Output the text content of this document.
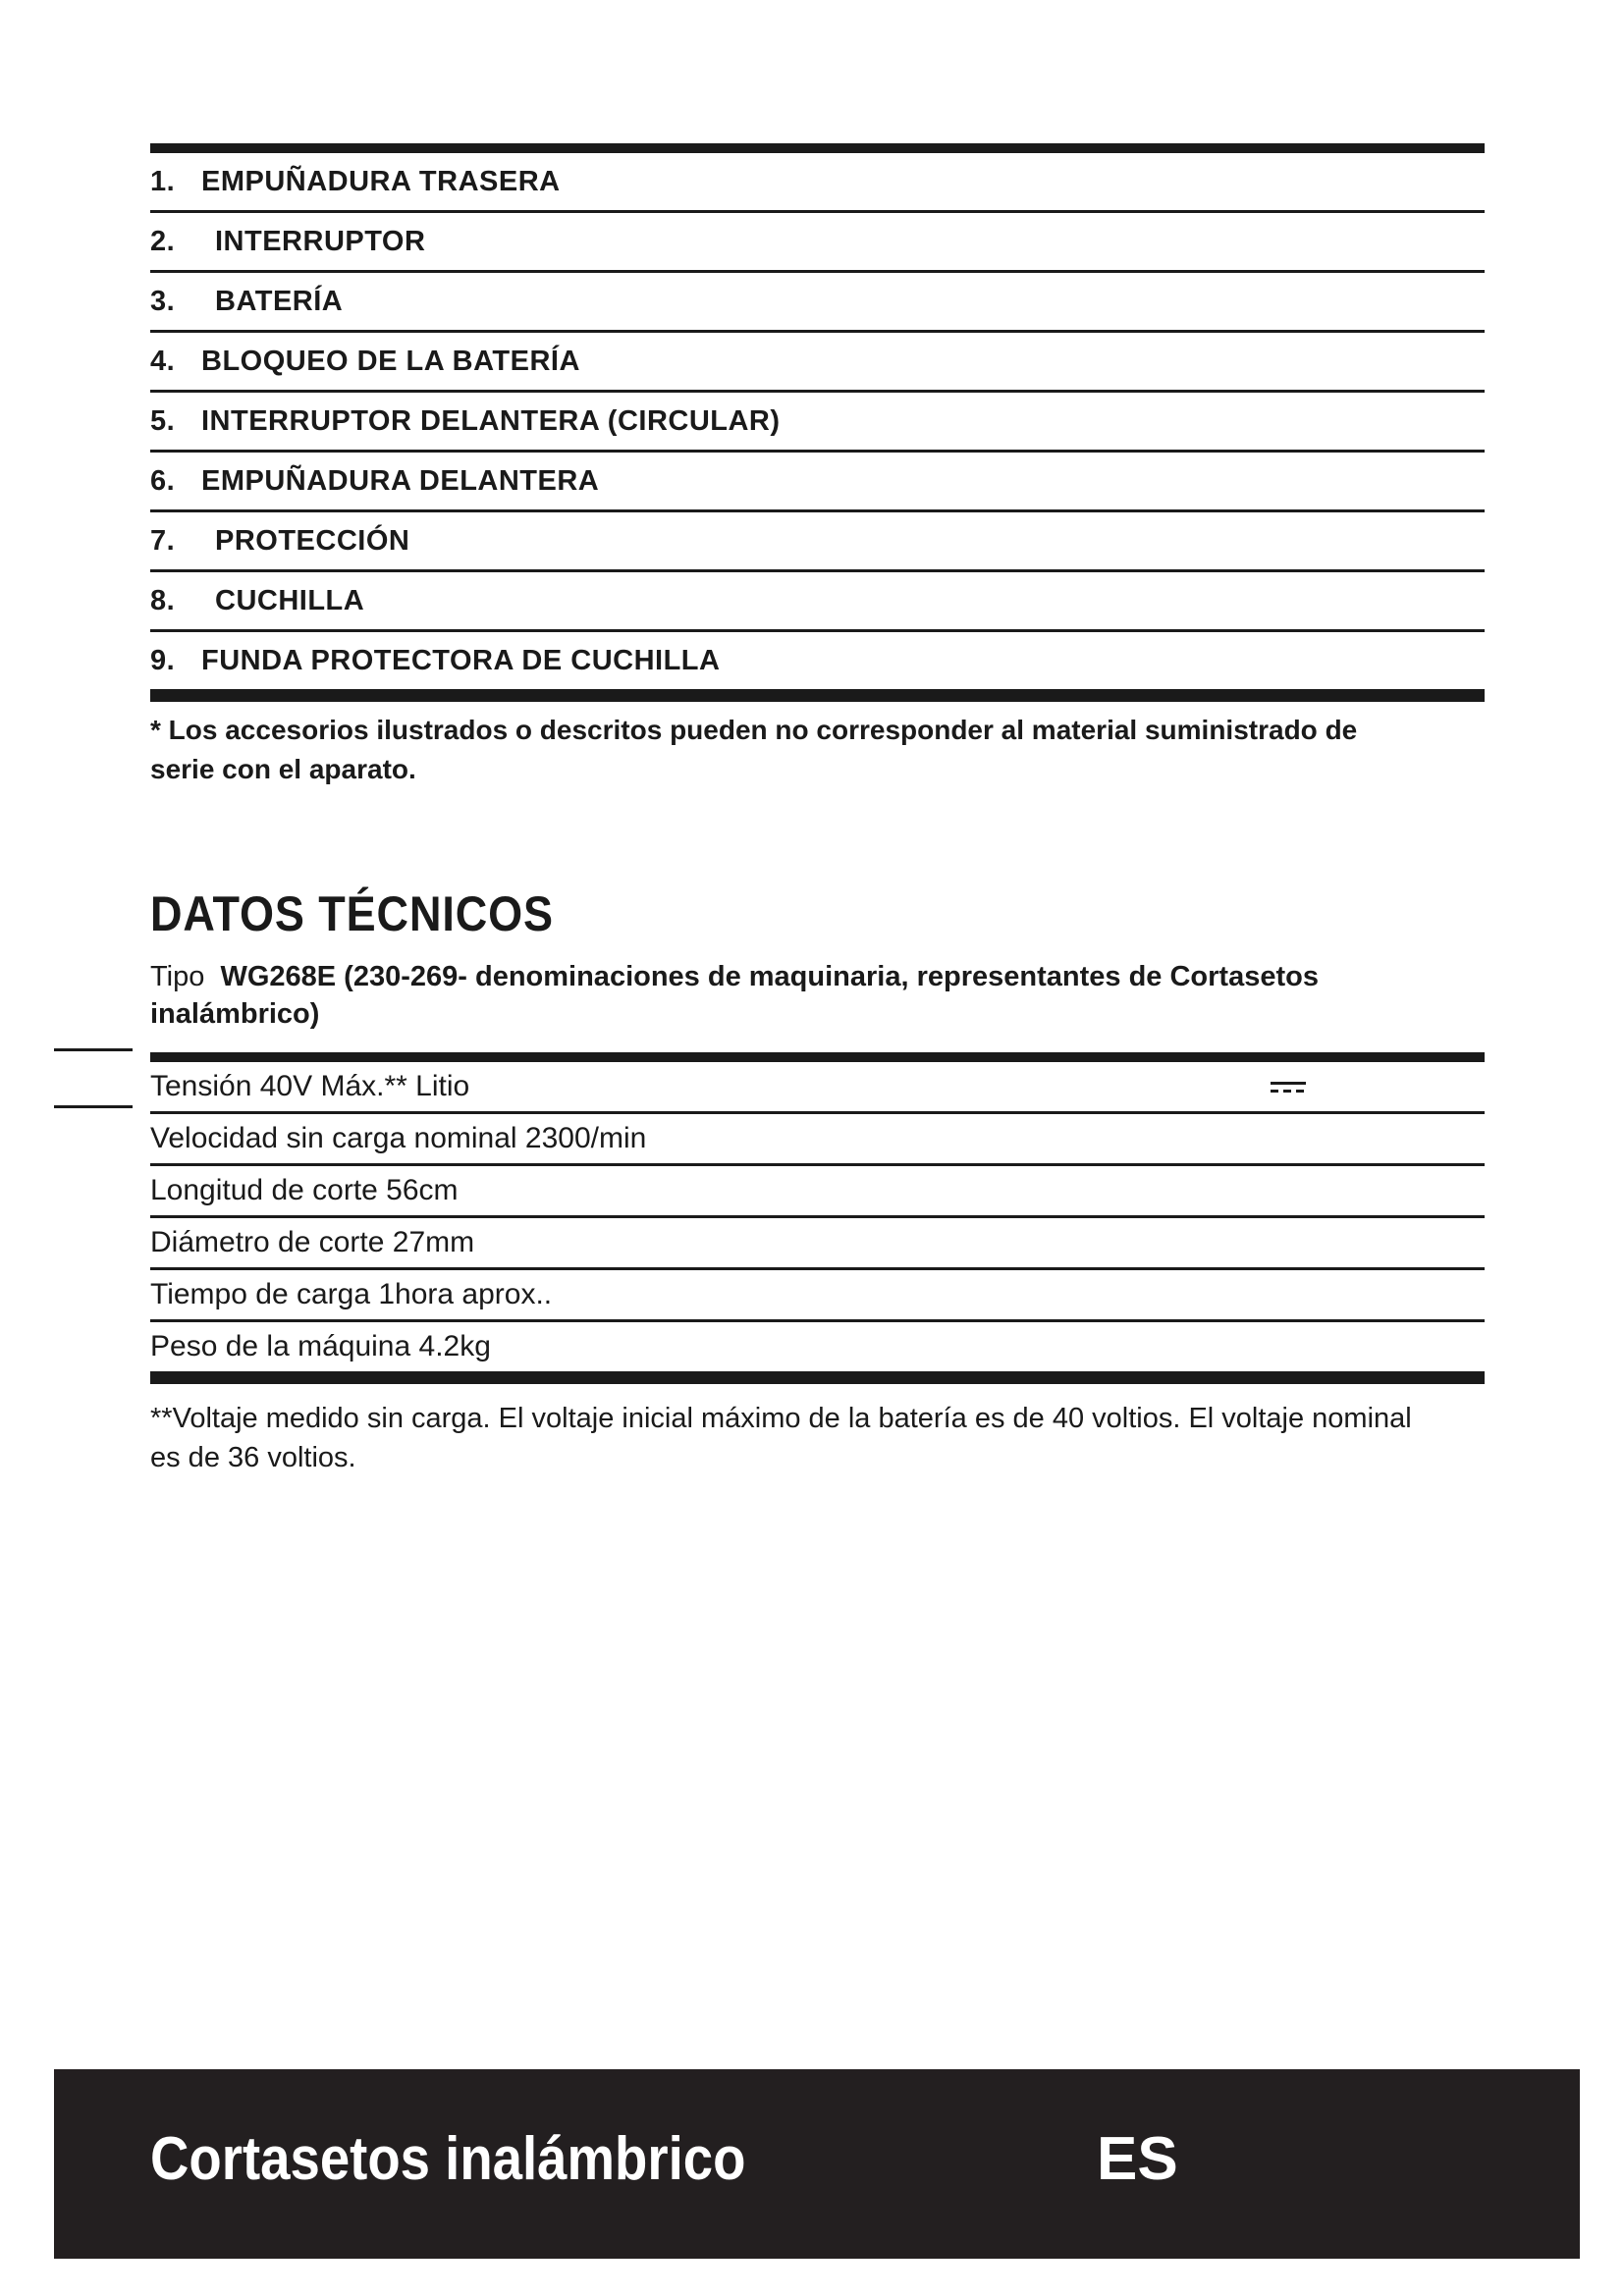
1. EMPUÑADURA TRASERA
2.	INTERRUPTOR
3.	BATERÍA
4. BLOQUEO DE LA BATERÍA
5. INTERRUPTOR DELANTERA (CIRCULAR)
6. EMPUÑADURA DELANTERA
7.	PROTECCIÓN
8.	CUCHILLA
9. FUNDA PROTECTORA DE CUCHILLA
* Los accesorios ilustrados o descritos pueden no corresponder al material suministrado de serie con el aparato.
DATOS TÉCNICOS
Tipo WG268E (230-269- denominaciones de maquinaria, representantes de Cortasetos inalámbrico)
Tensión 40V Máx.** Litio
Velocidad sin carga nominal 2300/min
Longitud de corte 56cm
Diámetro de corte 27mm
Tiempo de carga 1hora aprox..
Peso de la máquina 4.2kg
**Voltaje medido sin carga. El voltaje inicial máximo de la batería es de 40 voltios. El voltaje nominal es de 36 voltios.
Cortasetos inalámbrico	ES
